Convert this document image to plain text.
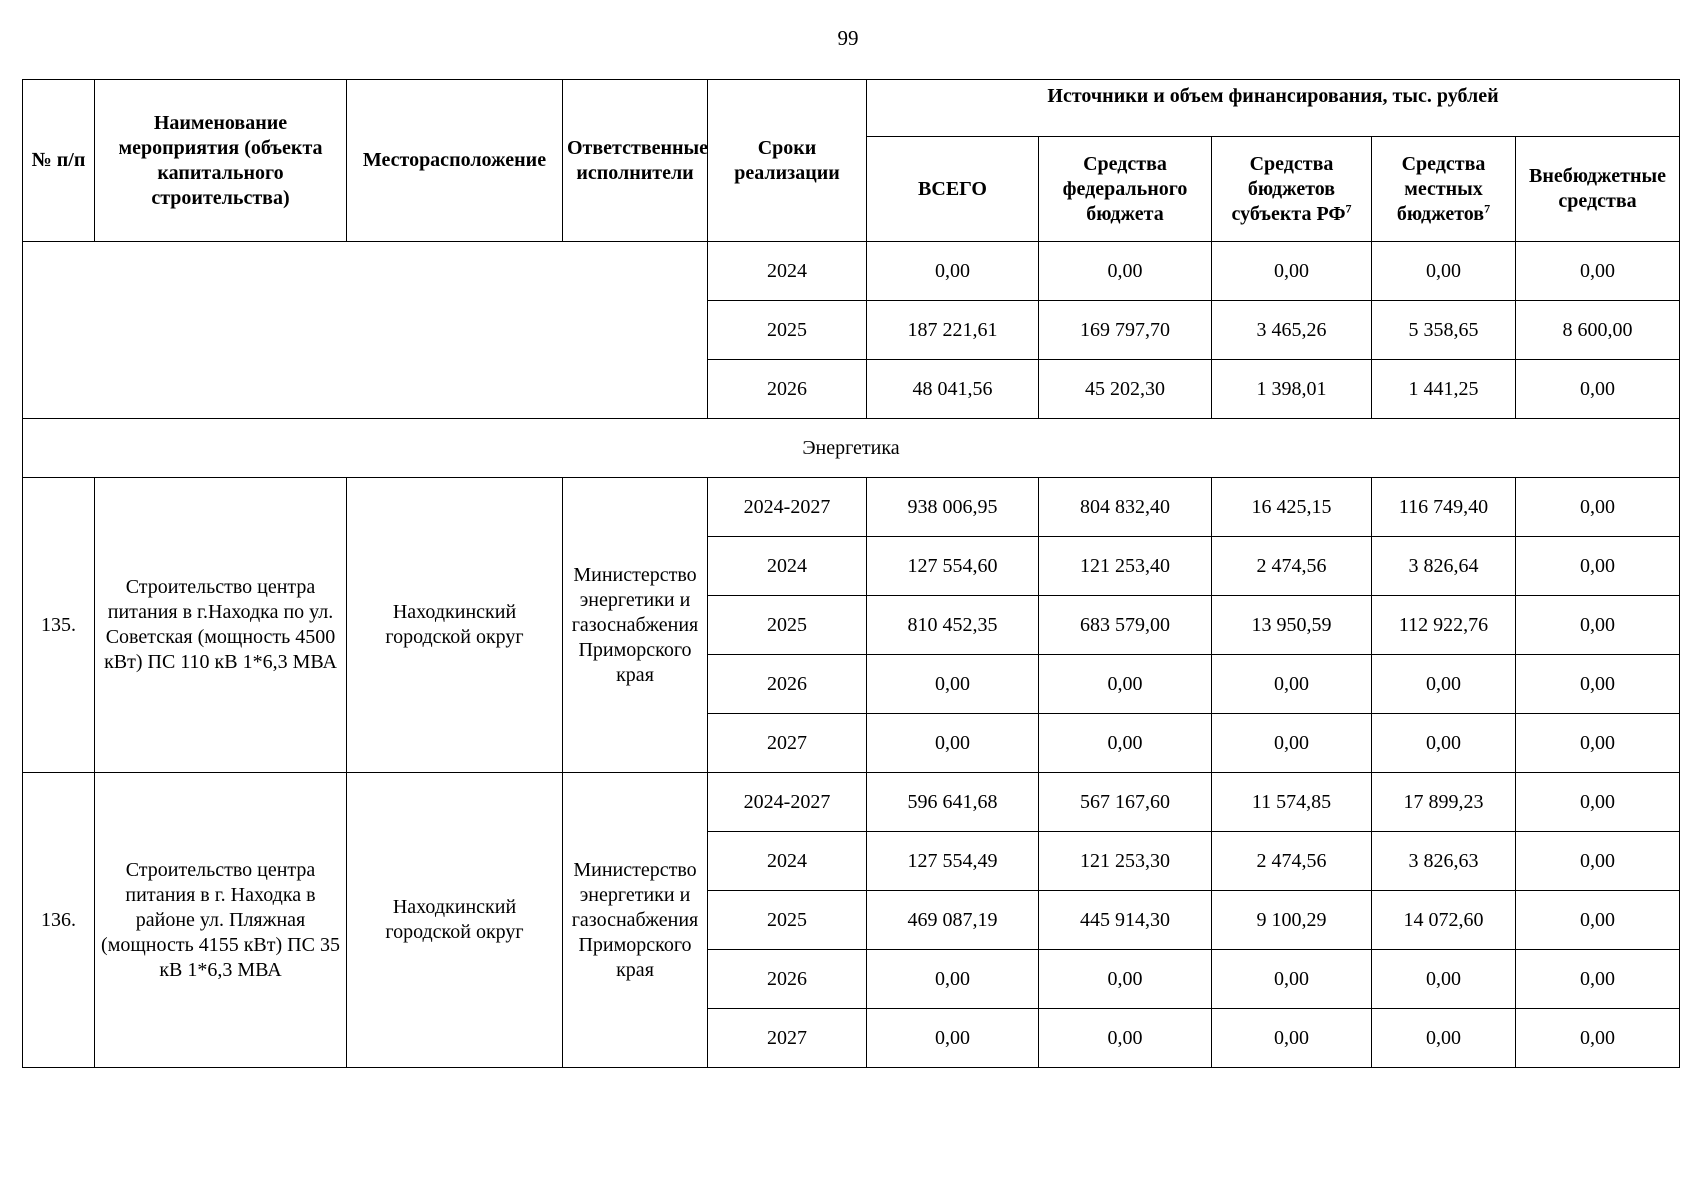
99
№ п/п	Наименование мероприятия (объекта капитального строительства)	Месторасположение	Ответственные исполнители	Сроки реализации	Источники и объем финансирования, тыс. рублей				
					ВСЕГО	Средства федерального бюджета	Средства бюджетов субъекта $РФ^7$	Средства местных бюджетов$^7$	Внебюджетные средства
				2024	0,00	0,00	0,00	0,00	0,00
				2025	187 221,61	169 797,70	3 465,26	5 358,65	8 600,00
				2026	48 041,56	45 202,30	1 398,01	1 441,25	0,00
Энергетика									
135.	Строительство центра питания в г.Находка по ул. Советская (мощность 4500 кВт) ПС 110 кВ 1*6,3 МВА	Находкинский городской округ	Министерство энергетики и газоснабжения Приморского края	2024-2027	938 006,95	804 832,40	16 425,15	116 749,40	0,00
				2024	127 554,60	121 253,40	2 474,56	3 826,64	0,00
				2025	810 452,35	683 579,00	13 950,59	112 922,76	0,00
				2026	0,00	0,00	0,00	0,00	0,00
				2027	0,00	0,00	0,00	0,00	0,00
136.	Строительство центра питания в г. Находка в районе ул. Пляжная (мощность 4155 кВт) ПС 35 кВ 1*6,3 МВА	Находкинский городской округ	Министерство энергетики и газоснабжения Приморского края	2024-2027	596 641,68	567 167,60	11 574,85	17 899,23	0,00
				2024	127 554,49	121 253,30	2 474,56	3 826,63	0,00
				2025	469 087,19	445 914,30	9 100,29	14 072,60	0,00
				2026	0,00	0,00	0,00	0,00	0,00
				2027	0,00	0,00	0,00	0,00	0,00
